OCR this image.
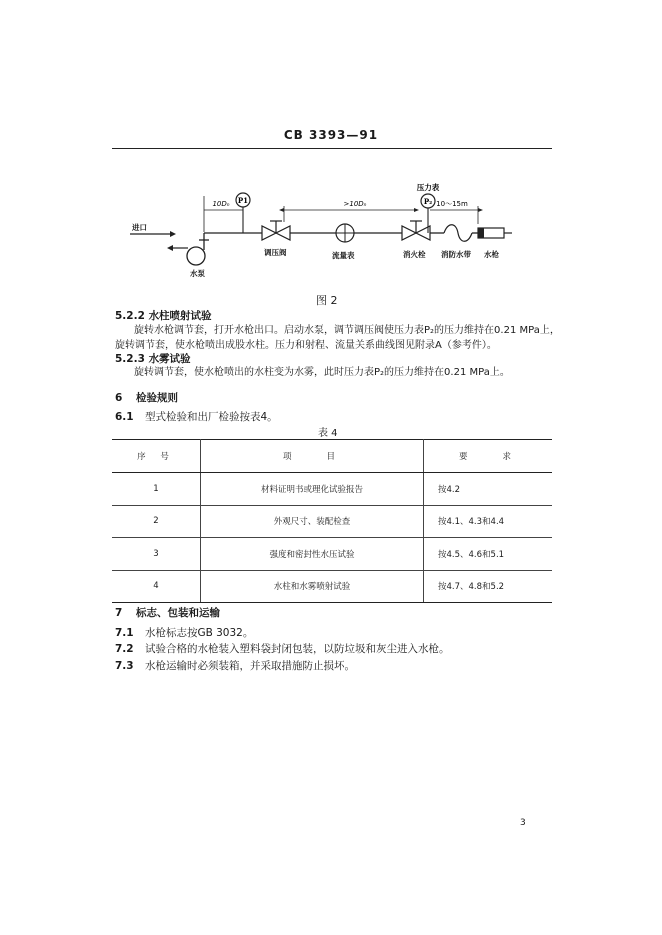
CB 3393—91
P1
10Dₙ	>10Dₙ	P₂
压力表
10～15m
进口
水泵
调压阀	流量表	消火栓 消防水带 水枪
图 2
5.2.2 水柱喷射试验
旋转水枪调节套，打开水枪出口。启动水泵，调节调压阀使压力表P₂的压力维持在0.21 MPa上，
旋转调节套，使水枪喷出成股水柱。压力和射程、流量关系曲线图见附录A（参考件）。
5.2.3 水雾试验
旋转调节套，使水枪喷出的水柱变为水雾，此时压力表P₂的压力维持在0.21 MPa上。
6 检验规则
6.1 型式检验和出厂检验按表4。
表 4
序 号	项　　目	要　　求
1	材料证明书或理化试验报告	按4.2
2	外观尺寸、装配检查	按4.1、4.3和4.4
3	强度和密封性水压试验	按4.5、4.6和5.1
4	水柱和水雾喷射试验	按4.7、4.8和5.2
7 标志、包装和运输
7.1 水枪标志按GB 3032。
7.2 试验合格的水枪装入塑料袋封闭包装，以防垃圾和灰尘进入水枪。
7.3 水枪运输时必须装箱，并采取措施防止损坏。
3
